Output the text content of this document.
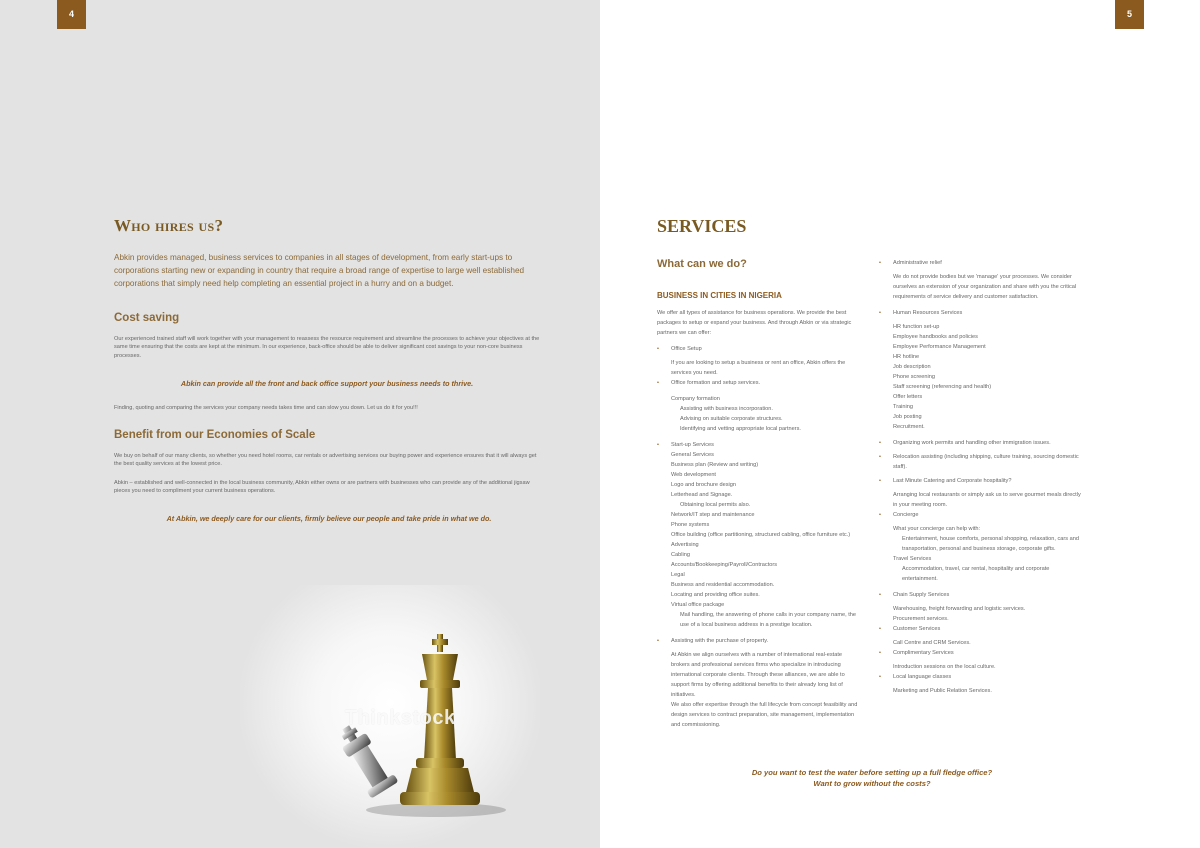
4
Who hires us?

Abkin provides managed, business services to companies in all stages of development, from early start-ups to corporations starting new or expanding in country that require a broad range of expertise to large well established corporations that simply need help completing an essential project in a hurry and on a budget.

Cost saving

Our experienced trained staff will work together with your management to reassess the resource requirement and streamline the processes to achieve your objectives at the same time ensuring that the costs are kept at the minimum. In our experience, back-office should be able to deliver significant cost savings to your non-core business processes.

Abkin can provide all the front and back office support your business needs to thrive.

Finding, quoting and comparing the services your company needs takes time and can slow you down. Let us do it for you!!!

Benefit from our Economies of Scale

We buy on behalf of our many clients, so whether you need hotel rooms, car rentals or advertising services our buying power and experience ensures that it will always get the best quality services at the lowest price.

Abkin – established and well-connected in the local business community, Abkin either owns or are partners with businesses who can provide any of the additional jigsaw pieces you need to compliment your current business operations.

At Abkin, we deeply care for our clients, firmly believe our people and take pride in what we do.

Thinkstock
5
SERVICES
What can we do?
BUSINESS IN CITIES IN NIGERIA

We offer all types of assistance for business operations. We provide the best packages to setup or expand your business. And through Abkin or via strategic partners we can offer:

• Office Setup

If you are looking to setup a business or rent an office, Abkin offers the services you need.

• Office formation and setup services.

Company formation

Assisting with business incorporation.

Advising on suitable corporate structures.

Identifying and vetting appropriate local partners.

• Start-up Services

General Services

Business plan (Review and writing)

Web development

Logo and brochure design

Letterhead and Signage.

Obtaining local permits also.

Network/IT step and maintenance

Phone systems

Office building (office partitioning, structured cabling, office furniture etc.)

Advertising

Cabling

Accounts/Bookkeeping/Payroll/Contractors

Legal

Business and residential accommodation.

Locating and providing office suites.

Virtual office package

Mail handling, the answering of phone calls in your company name, the use of a local business address in a prestige location.

• Assisting with the purchase of property.

At Abkin we align ourselves with a number of international real-estate brokers and professional services firms who specialize in introducing international corporate clients. Through these alliances, we are able to support firms by offering additional benefits to their already long list of initiatives.

We also offer expertise through the full lifecycle from concept feasibility and design services to contract preparation, site management, implementation and commissioning.

• Administrative relief

We do not provide bodies but we 'manage' your processes. We consider ourselves an extension of your organization and share with you the critical requirements of service delivery and customer satisfaction.

• Human Resources Services

HR function set-up

Employee handbooks and policies

Employee Performance Management

HR hotline

Job description

Phone screening

Staff screening (referencing and health)

Offer letters

Training

Job posting

Recruitment.

• Organizing work permits and handling other immigration issues.

• Relocation assisting (including shipping, culture training, sourcing domestic staff).

• Last Minute Catering and Corporate hospitality?

Arranging local restaurants or simply ask us to serve gourmet meals directly in your meeting room.

• Concierge

What your concierge can help with:

Entertainment, house comforts, personal shopping, relaxation, cars and transportation, personal and business storage, corporate gifts.

Travel Services

Accommodation, travel, car rental, hospitality and corporate entertainment.

• Chain Supply Services

Warehousing, freight forwarding and logistic services.

Procurement services.

• Customer Services

Call Centre and CRM Services.

• Complimentary Services

Introduction sessions on the local culture.

• Local language classes

Marketing and Public Relation Services.

Do you want to test the water before setting up a full fledge office?
Want to grow without the costs?
